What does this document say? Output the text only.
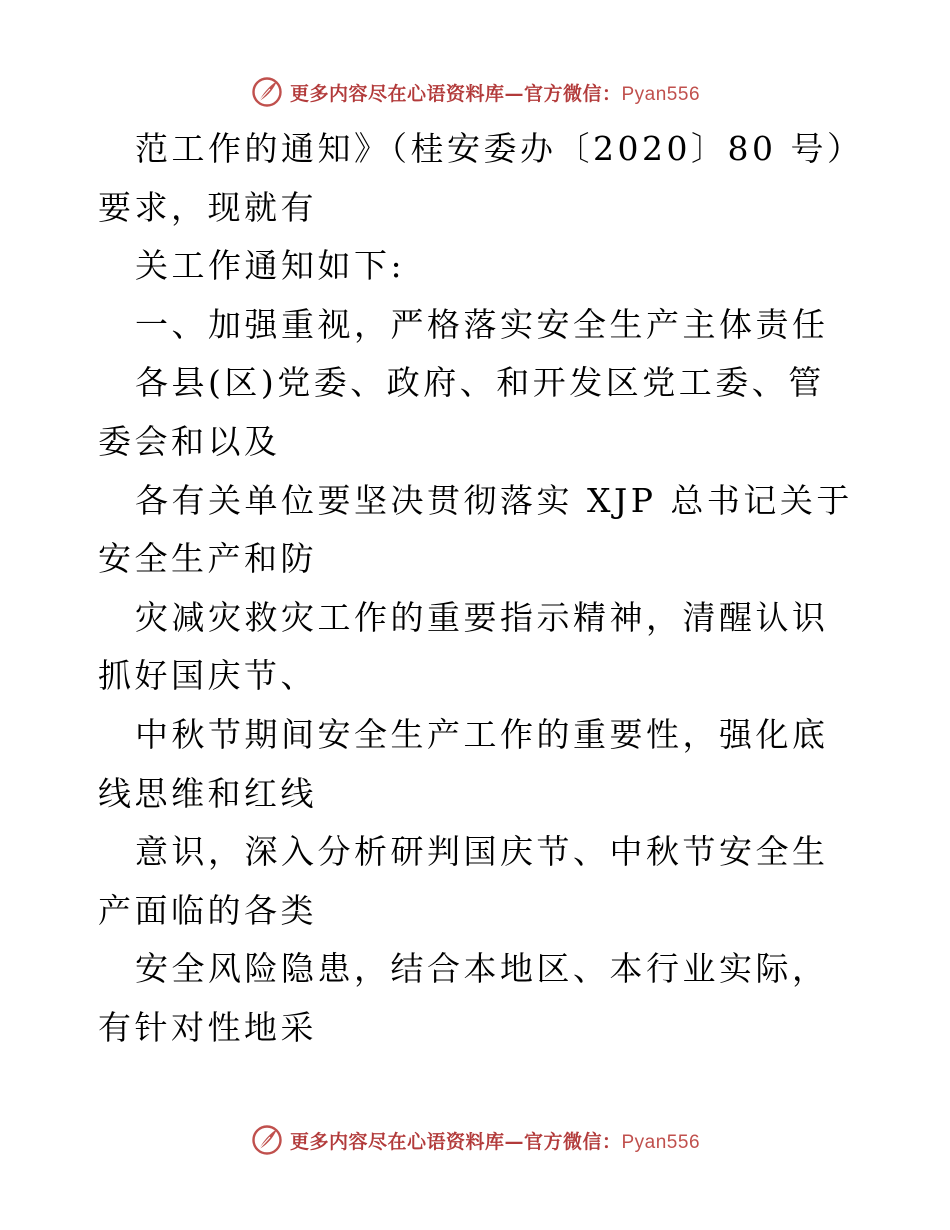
更多内容尽在心语资料库—官方微信：Pyan556

范工作的通知》（桂安委办〔2020〕80 号）要求，现就有

关工作通知如下:

一、加强重视，严格落实安全生产主体责任

各县(区)党委、政府、和开发区党工委、管委会和以及

各有关单位要坚决贯彻落实 XJP 总书记关于安全生产和防

灾减灾救灾工作的重要指示精神，清醒认识抓好国庆节、

中秋节期间安全生产工作的重要性，强化底线思维和红线

意识，深入分析研判国庆节、中秋节安全生产面临的各类

安全风险隐患，结合本地区、本行业实际，有针对性地采

更多内容尽在心语资料库—官方微信：Pyan556
